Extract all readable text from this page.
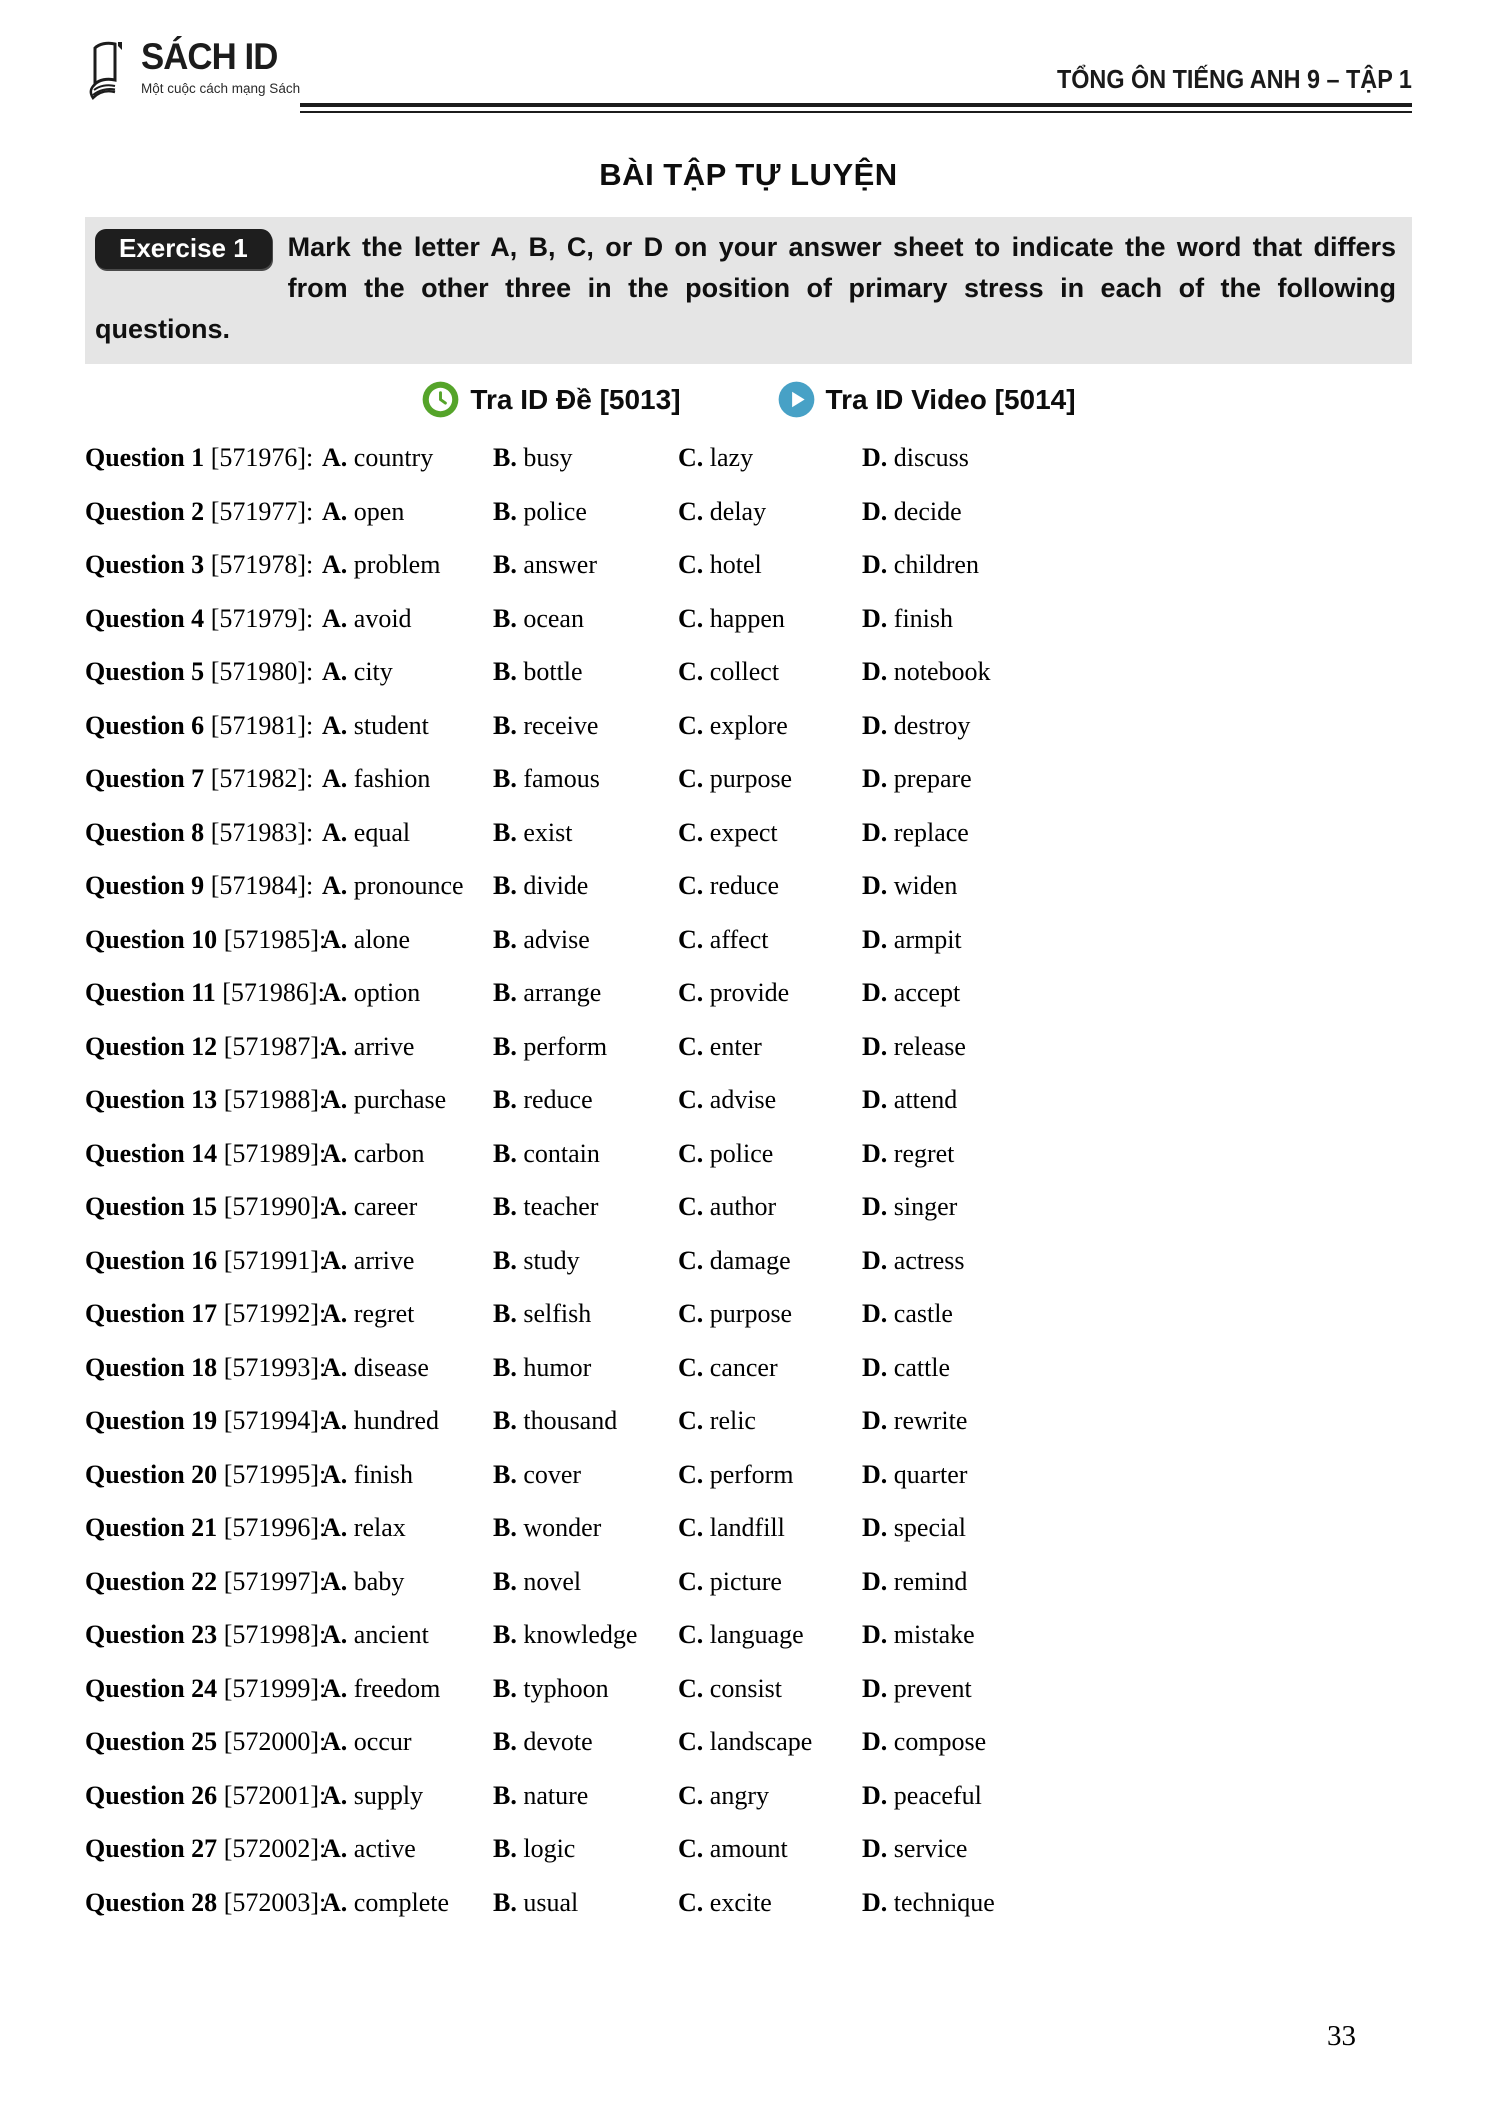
SÁCH ID
Một cuộc cách mạng Sách	TỔNG ÔN TIẾNG ANH 9 – TẬP 1
BÀI TẬP TỰ LUYỆN
Exercise 1	Mark the letter A, B, C, or D on your answer sheet to indicate the word that differs from the other three in the position of primary stress in each of the following questions.
Tra ID Đề [5013]	Tra ID Video [5014]
Question 1 [571976]: A. country	B. busy	C. lazy	D. discuss
Question 2 [571977]: A. open	B. police	C. delay	D. decide
Question 3 [571978]: A. problem	B. answer	C. hotel	D. children
Question 4 [571979]: A. avoid	B. ocean	C. happen	D. finish
Question 5 [571980]: A. city	B. bottle	C. collect	D. notebook
Question 6 [571981]: A. student	B. receive	C. explore	D. destroy
Question 7 [571982]: A. fashion	B. famous	C. purpose	D. prepare
Question 8 [571983]: A. equal	B. exist	C. expect	D. replace
Question 9 [571984]: A. pronounce	B. divide	C. reduce	D. widen
Question 10 [571985]:
A. alone	B. advise	C. affect	D. armpit
Question 11 [571986]:
A. option	B. arrange	C. provide	D. accept
Question 12 [571987]:
A. arrive	B. perform	C. enter	D. release
Question 13 [571988]:
A. purchase	B. reduce	C. advise	D. attend
Question 14 [571989]:
A. carbon	B. contain	C. police	D. regret
Question 15 [571990]:
A. career	B. teacher	C. author	D. singer
Question 16 [571991]:
A. arrive	B. study	C. damage	D. actress
Question 17 [571992]:
A. regret	B. selfish	C. purpose	D. castle
Question 18 [571993]:
A. disease	B. humor	C. cancer	D. cattle
Question 19 [571994]:
A. hundred	B. thousand	C. relic	D. rewrite
Question 20 [571995]:
A. finish	B. cover	C. perform	D. quarter
Question 21 [571996]:
A. relax	B. wonder	C. landfill	D. special
Question 22 [571997]:
A. baby	B. novel	C. picture	D. remind
Question 23 [571998]:
A. ancient	B. knowledge	C. language	D. mistake
Question 24 [571999]:
A. freedom	B. typhoon	C. consist	D. prevent
Question 25 [572000]:
A. occur	B. devote	C. landscape	D. compose
Question 26 [572001]:
A. supply	B. nature	C. angry	D. peaceful
Question 27 [572002]:
A. active	B. logic	C. amount	D. service
Question 28 [572003]:
A. complete	B. usual	C. excite	D. technique
33
